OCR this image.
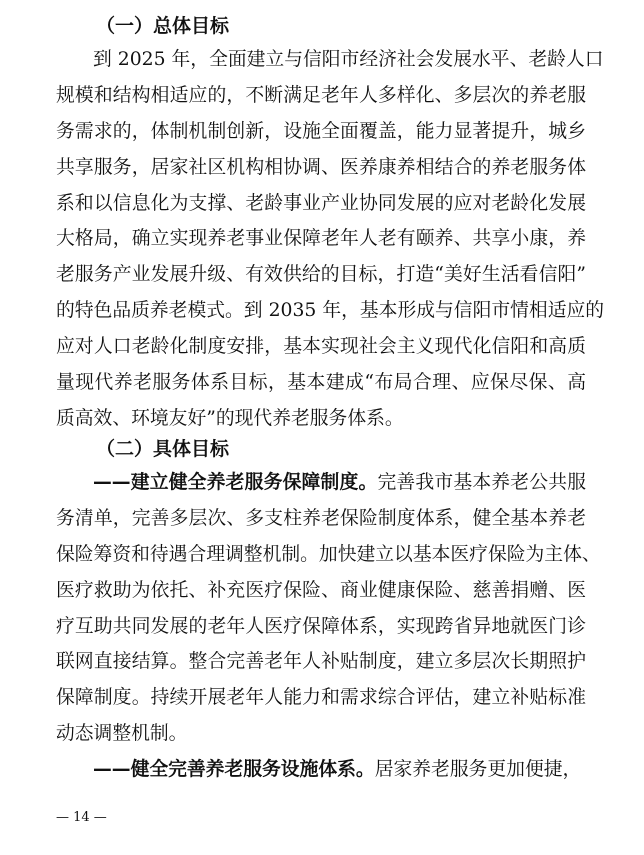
（一）总体目标
到 2025 年，全面建立与信阳市经济社会发展水平、老龄人口
规模和结构相适应的，不断满足老年人多样化、多层次的养老服
务需求的，体制机制创新，设施全面覆盖，能力显著提升，城乡
共享服务，居家社区机构相协调、医养康养相结合的养老服务体
系和以信息化为支撑、老龄事业产业协同发展的应对老龄化发展
大格局，确立实现养老事业保障老年人老有颐养、共享小康，养
老服务产业发展升级、有效供给的目标，打造“美好生活看信阳”
的特色品质养老模式。到 2035 年，基本形成与信阳市情相适应的
应对人口老龄化制度安排，基本实现社会主义现代化信阳和高质
量现代养老服务体系目标，基本建成“布局合理、应保尽保、高
质高效、环境友好”的现代养老服务体系。
（二）具体目标
——建立健全养老服务保障制度。完善我市基本养老公共服
务清单，完善多层次、多支柱养老保险制度体系，健全基本养老
保险筹资和待遇合理调整机制。加快建立以基本医疗保险为主体、
医疗救助为依托、补充医疗保险、商业健康保险、慈善捐赠、医
疗互助共同发展的老年人医疗保障体系，实现跨省异地就医门诊
联网直接结算。整合完善老年人补贴制度，建立多层次长期照护
保障制度。持续开展老年人能力和需求综合评估，建立补贴标准
动态调整机制。
——健全完善养老服务设施体系。居家养老服务更加便捷，
— 14 —
